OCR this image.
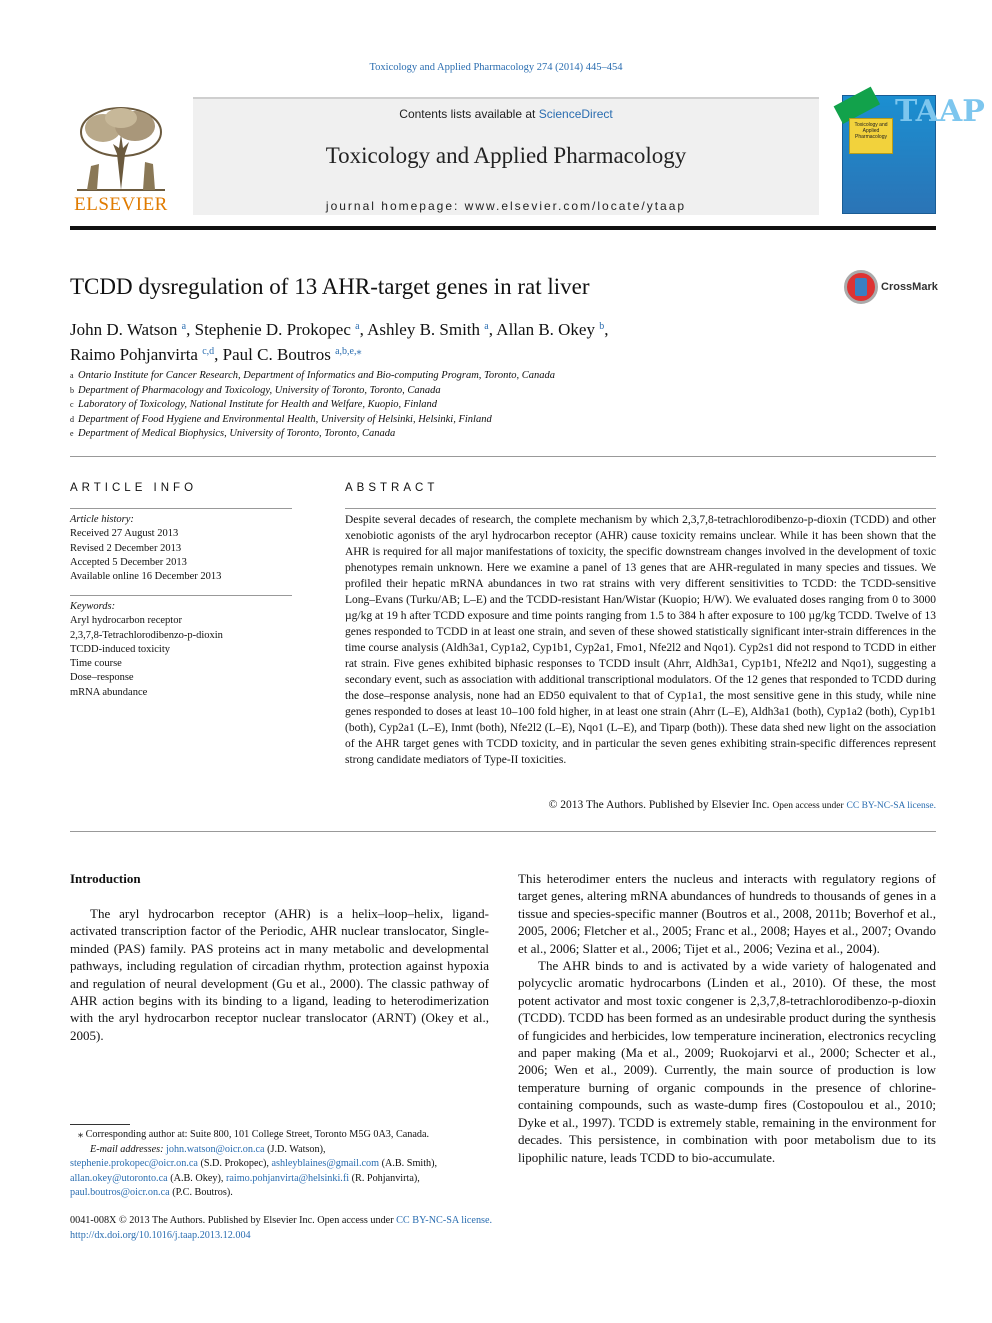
Toxicology and Applied Pharmacology 274 (2014) 445–454
ELSEVIER
Contents lists available at ScienceDirect
Toxicology and Applied Pharmacology
journal homepage: www.elsevier.com/locate/ytaap
Toxicology and Applied Pharmacology
TAAP
TCDD dysregulation of 13 AHR-target genes in rat liver	CrossMark
John D. Watson $^a$, Stephenie D. Prokopec $^a$, Ashley B. Smith $^a$, Allan B. Okey $^b$,
Raimo Pohjanvirta $^{c,d}$, Paul C. Boutros $^{a,b,e,⁎}$
a Ontario Institute for Cancer Research, Department of Informatics and Bio-computing Program, Toronto, Canada
b Department of Pharmacology and Toxicology, University of Toronto, Toronto, Canada
c Laboratory of Toxicology, National Institute for Health and Welfare, Kuopio, Finland
d Department of Food Hygiene and Environmental Health, University of Helsinki, Helsinki, Finland
e Department of Medical Biophysics, University of Toronto, Toronto, Canada
ARTICLE INFO
Article history:
Received 27 August 2013
Revised 2 December 2013
Accepted 5 December 2013
Available online 16 December 2013
Keywords:
Aryl hydrocarbon receptor
2,3,7,8-Tetrachlorodibenzo-p-dioxin
TCDD-induced toxicity
Time course
Dose–response
mRNA abundance
ABSTRACT
Despite several decades of research, the complete mechanism by which 2,3,7,8-tetrachlorodibenzo-p-dioxin (TCDD) and other xenobiotic agonists of the aryl hydrocarbon receptor (AHR) cause toxicity remains unclear. While it has been shown that the AHR is required for all major manifestations of toxicity, the specific downstream changes involved in the development of toxic phenotypes remain unknown. Here we examine a panel of 13 genes that are AHR-regulated in many species and tissues. We profiled their hepatic mRNA abundances in two rat strains with very different sensitivities to TCDD: the TCDD-sensitive Long–Evans (Turku/AB; L–E) and the TCDD-resistant Han/Wistar (Kuopio; H/W). We evaluated doses ranging from 0 to 3000 µg/kg at 19 h after TCDD exposure and time points ranging from 1.5 to 384 h after exposure to 100 µg/kg TCDD. Twelve of 13 genes responded to TCDD in at least one strain, and seven of these showed statistically significant inter-strain differences in the time course analysis (Aldh3a1, Cyp1a2, Cyp1b1, Cyp2a1, Fmo1, Nfe2l2 and Nqo1). Cyp2s1 did not respond to TCDD in either rat strain. Five genes exhibited biphasic responses to TCDD insult (Ahrr, Aldh3a1, Cyp1b1, Nfe2l2 and Nqo1), suggesting a secondary event, such as association with additional transcriptional modulators. Of the 12 genes that responded to TCDD during the dose–response analysis, none had an ED50 equivalent to that of Cyp1a1, the most sensitive gene in this study, while nine genes responded to doses at least 10–100 fold higher, in at least one strain (Ahrr (L–E), Aldh3a1 (both), Cyp1a2 (both), Cyp1b1 (both), Cyp2a1 (L–E), Inmt (both), Nfe2l2 (L–E), Nqo1 (L–E), and Tiparp (both)). These data shed new light on the association of the AHR target genes with TCDD toxicity, and in particular the seven genes exhibiting strain-specific differences represent strong candidate mediators of Type-II toxicities.
© 2013 The Authors. Published by Elsevier Inc. Open access under CC BY-NC-SA license.
Introduction

The aryl hydrocarbon receptor (AHR) is a helix–loop–helix, ligand-activated transcription factor of the Periodic, AHR nuclear translocator, Single-minded (PAS) family. PAS proteins act in many metabolic and developmental pathways, including regulation of circadian rhythm, protection against hypoxia and regulation of neural development (Gu et al., 2000). The classic pathway of AHR action begins with its binding to a ligand, leading to heterodimerization with the aryl hydrocarbon receptor nuclear translocator (ARNT) (Okey et al., 2005).

This heterodimer enters the nucleus and interacts with regulatory regions of target genes, altering mRNA abundances of hundreds to thousands of genes in a tissue and species-specific manner (Boutros et al., 2008, 2011b; Boverhof et al., 2005, 2006; Fletcher et al., 2005; Franc et al., 2008; Hayes et al., 2007; Ovando et al., 2006; Slatter et al., 2006; Tijet et al., 2006; Vezina et al., 2004).

The AHR binds to and is activated by a wide variety of halogenated and polycyclic aromatic hydrocarbons (Linden et al., 2010). Of these, the most potent activator and most toxic congener is 2,3,7,8-tetrachlorodibenzo-p-dioxin (TCDD). TCDD has been formed as an undesirable product during the synthesis of fungicides and herbicides, low temperature incineration, electronics recycling and paper making (Ma et al., 2009; Ruokojarvi et al., 2000; Schecter et al., 2006; Wen et al., 2009). Currently, the main source of production is low temperature burning of organic compounds in the presence of chlorine-containing compounds, such as waste-dump fires (Costopoulou et al., 2010; Dyke et al., 1997). TCDD is extremely stable, remaining in the environment for decades. This persistence, in combination with poor metabolism due to its lipophilic nature, leads TCDD to bio-accumulate.

⁎ Corresponding author at: Suite 800, 101 College Street, Toronto M5G 0A3, Canada.
E-mail addresses: john.watson@oicr.on.ca (J.D. Watson),
stephenie.prokopec@oicr.on.ca (S.D. Prokopec), ashleyblaines@gmail.com (A.B. Smith),
allan.okey@utoronto.ca (A.B. Okey), raimo.pohjanvirta@helsinki.fi (R. Pohjanvirta),
paul.boutros@oicr.on.ca (P.C. Boutros).
0041-008X © 2013 The Authors. Published by Elsevier Inc. Open access under CC BY-NC-SA license.
http://dx.doi.org/10.1016/j.taap.2013.12.004
